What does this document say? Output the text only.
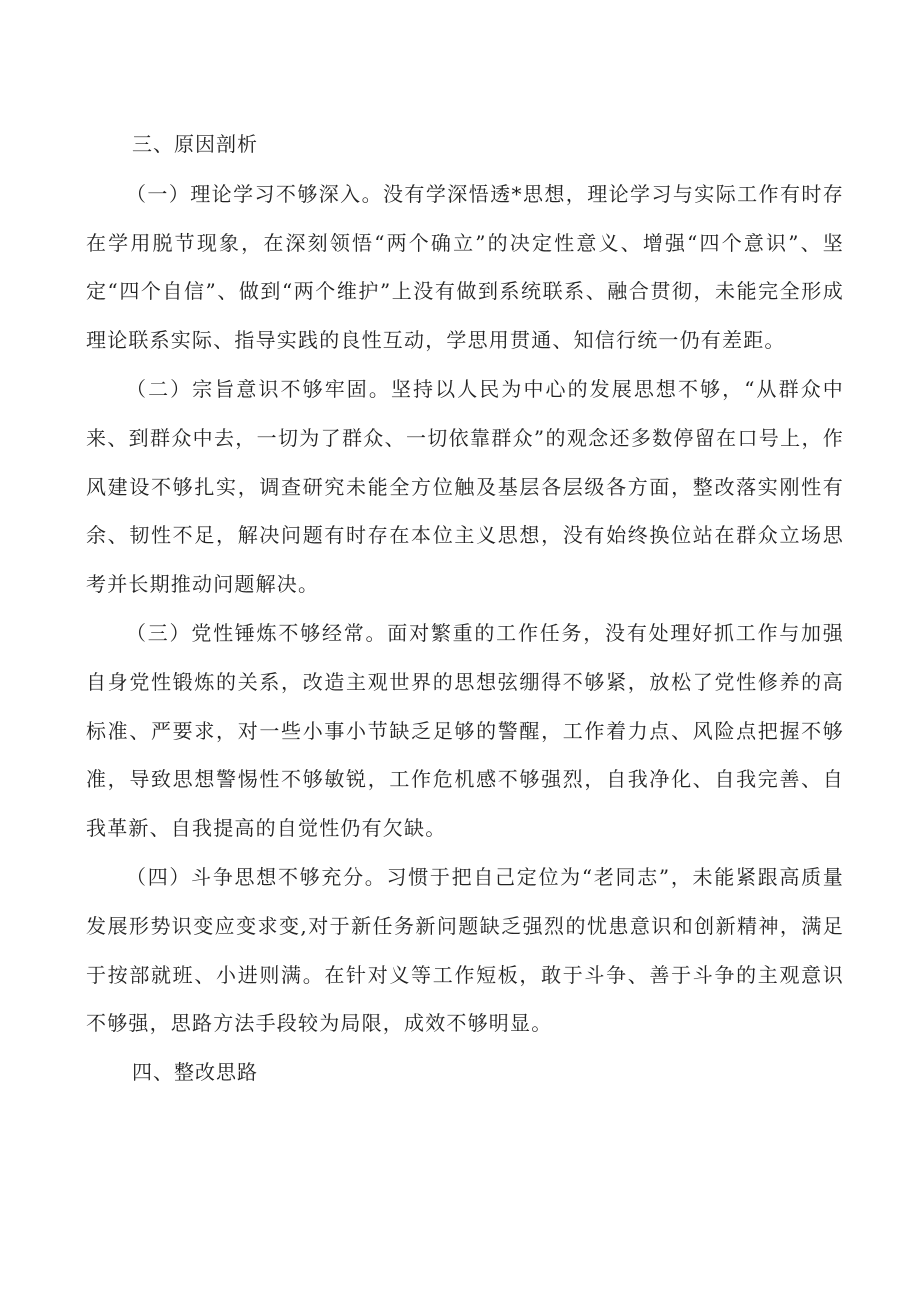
三、原因剖析

（一）理论学习不够深入。没有学深悟透*思想，理论学习与实际工作有时存在学用脱节现象，在深刻领悟“两个确立”的决定性意义、增强“四个意识”、坚定“四个自信”、做到“两个维护”上没有做到系统联系、融合贯彻，未能完全形成理论联系实际、指导实践的良性互动，学思用贯通、知信行统一仍有差距。

（二）宗旨意识不够牢固。坚持以人民为中心的发展思想不够，“从群众中来、到群众中去，一切为了群众、一切依靠群众”的观念还多数停留在口号上，作风建设不够扎实，调查研究未能全方位触及基层各层级各方面，整改落实刚性有余、韧性不足，解决问题有时存在本位主义思想，没有始终换位站在群众立场思考并长期推动问题解决。

（三）党性锤炼不够经常。面对繁重的工作任务，没有处理好抓工作与加强自身党性锻炼的关系，改造主观世界的思想弦绷得不够紧，放松了党性修养的高标准、严要求，对一些小事小节缺乏足够的警醒，工作着力点、风险点把握不够准，导致思想警惕性不够敏锐，工作危机感不够强烈，自我净化、自我完善、自我革新、自我提高的自觉性仍有欠缺。

（四）斗争思想不够充分。习惯于把自己定位为“老同志”，未能紧跟高质量发展形势识变应变求变,对于新任务新问题缺乏强烈的忧患意识和创新精神，满足于按部就班、小进则满。在针对义等工作短板，敢于斗争、善于斗争的主观意识不够强，思路方法手段较为局限，成效不够明显。

四、整改思路
